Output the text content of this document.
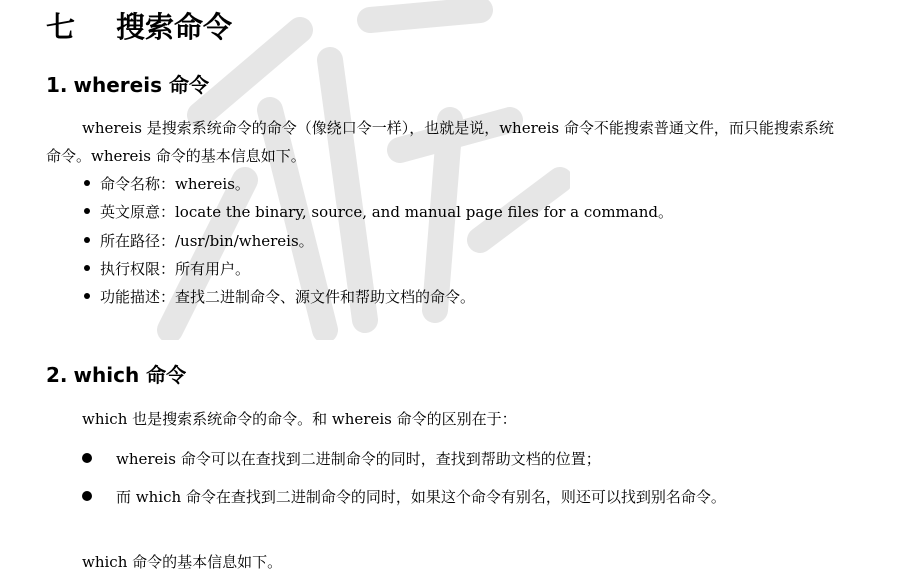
七 搜索命令
1. whereis 命令
whereis 是搜索系统命令的命令（像绕口令一样），也就是说，whereis 命令不能搜索普通文件，而只能搜索系统命令。whereis 命令的基本信息如下。
命令名称：whereis。
英文原意：locate the binary, source, and manual page files for a command。
所在路径：/usr/bin/whereis。
执行权限：所有用户。
功能描述：查找二进制命令、源文件和帮助文档的命令。
2. which 命令
which 也是搜索系统命令的命令。和 whereis 命令的区别在于：
whereis 命令可以在查找到二进制命令的同时，查找到帮助文档的位置；
而 which 命令在查找到二进制命令的同时，如果这个命令有别名，则还可以找到别名命令。
which 命令的基本信息如下。
